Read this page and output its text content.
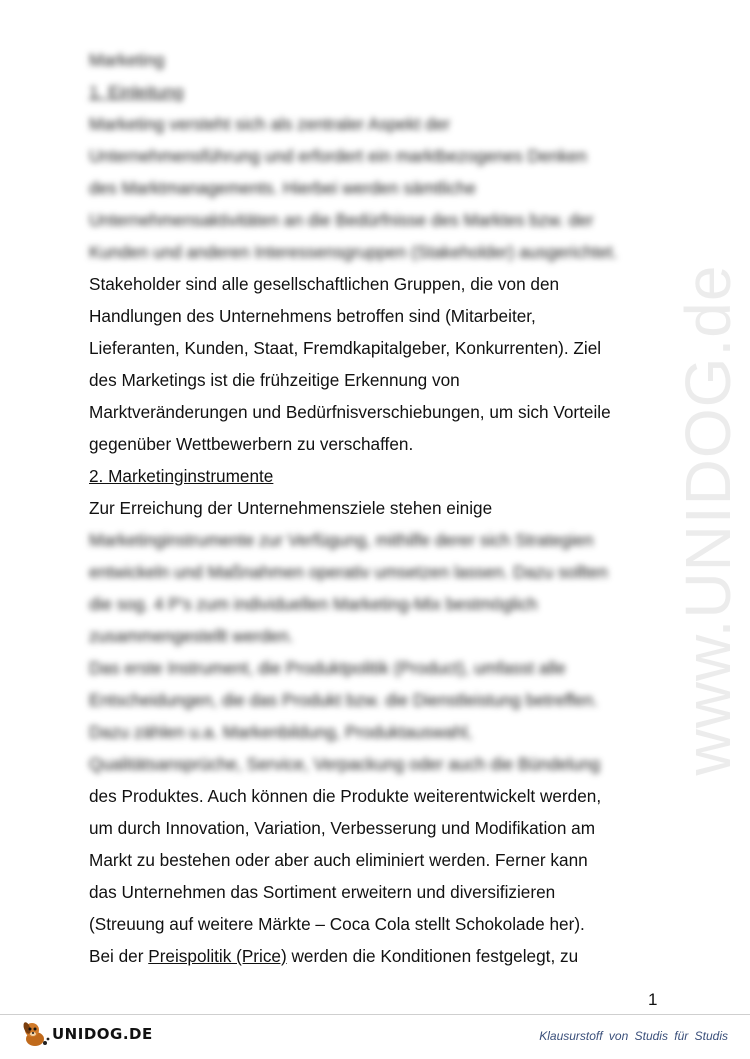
www.UNIDOG.de
Marketing
1. Einleitung
Marketing versteht sich als zentraler Aspekt der
Unternehmensführung und erfordert ein marktbezogenes Denken
des Marktmanagements. Hierbei werden sämtliche
Unternehmensaktivitäten an die Bedürfnisse des Marktes bzw. der
Kunden und anderen Interessensgruppen (Stakeholder) ausgerichtet.
Stakeholder sind alle gesellschaftlichen Gruppen, die von den
Handlungen des Unternehmens betroffen sind (Mitarbeiter,
Lieferanten, Kunden, Staat, Fremdkapitalgeber, Konkurrenten). Ziel
des Marketings ist die frühzeitige Erkennung von
Marktveränderungen und Bedürfnisverschiebungen, um sich Vorteile
gegenüber Wettbewerbern zu verschaffen.
2. Marketinginstrumente
Zur Erreichung der Unternehmensziele stehen einige
Marketinginstrumente zur Verfügung, mithilfe derer sich Strategien
entwickeln und Maßnahmen operativ umsetzen lassen. Dazu sollten
die sog. 4 P's zum individuellen Marketing-Mix bestmöglich
zusammengestellt werden.
Das erste Instrument, die Produktpolitik (Product), umfasst alle
Entscheidungen, die das Produkt bzw. die Dienstleistung betreffen.
Dazu zählen u.a. Markenbildung, Produktauswahl,
Qualitätsansprüche, Service, Verpackung oder auch die Bündelung
des Produktes. Auch können die Produkte weiterentwickelt werden,
um durch Innovation, Variation, Verbesserung und Modifikation am
Markt zu bestehen oder aber auch eliminiert werden. Ferner kann
das Unternehmen das Sortiment erweitern und diversifizieren
(Streuung auf weitere Märkte – Coca Cola stellt Schokolade her).
Bei der Preispolitik (Price) werden die Konditionen festgelegt, zu
1
UNIDOG.DE	Klausurstoff von Studis für Studis
